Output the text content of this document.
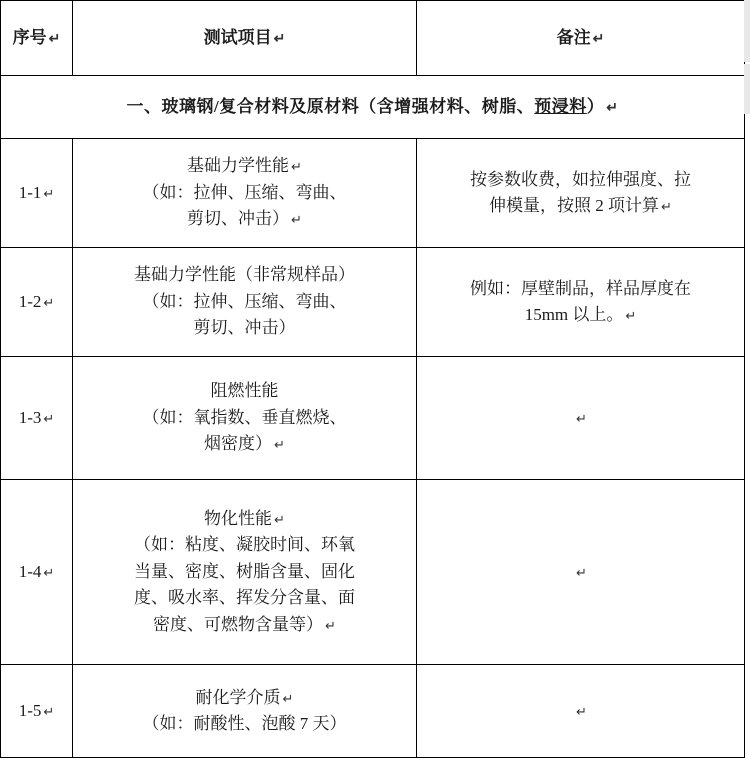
序号 ↵	测试项目 ↵	备注 ↵
一、玻璃钢/复合材料及原材料（含增强材料、树脂、预浸料） ↵		
1-1 ↵	基础力学性能 ↵
（如：拉伸、压缩、弯曲、
剪切、冲击） ↵	按参数收费，如拉伸强度、拉
伸模量，按照 2 项计算 ↵

1-2 ↵	基础力学性能（非常规样品）
（如：拉伸、压缩、弯曲、
剪切、冲击）	例如：厚壁制品，样品厚度在
15mm 以上。 ↵

1-3 ↵	阻燃性能
（如：氧指数、垂直燃烧、
烟密度） ↵	↵
1-4 ↵	物化性能 ↵
（如：粘度、凝胶时间、环氧
当量、密度、树脂含量、固化
度、吸水率、挥发分含量、面
密度、可燃物含量等） ↵	↵
1-5 ↵	耐化学介质 ↵
（如：耐酸性、泡酸 7 天）	↵
